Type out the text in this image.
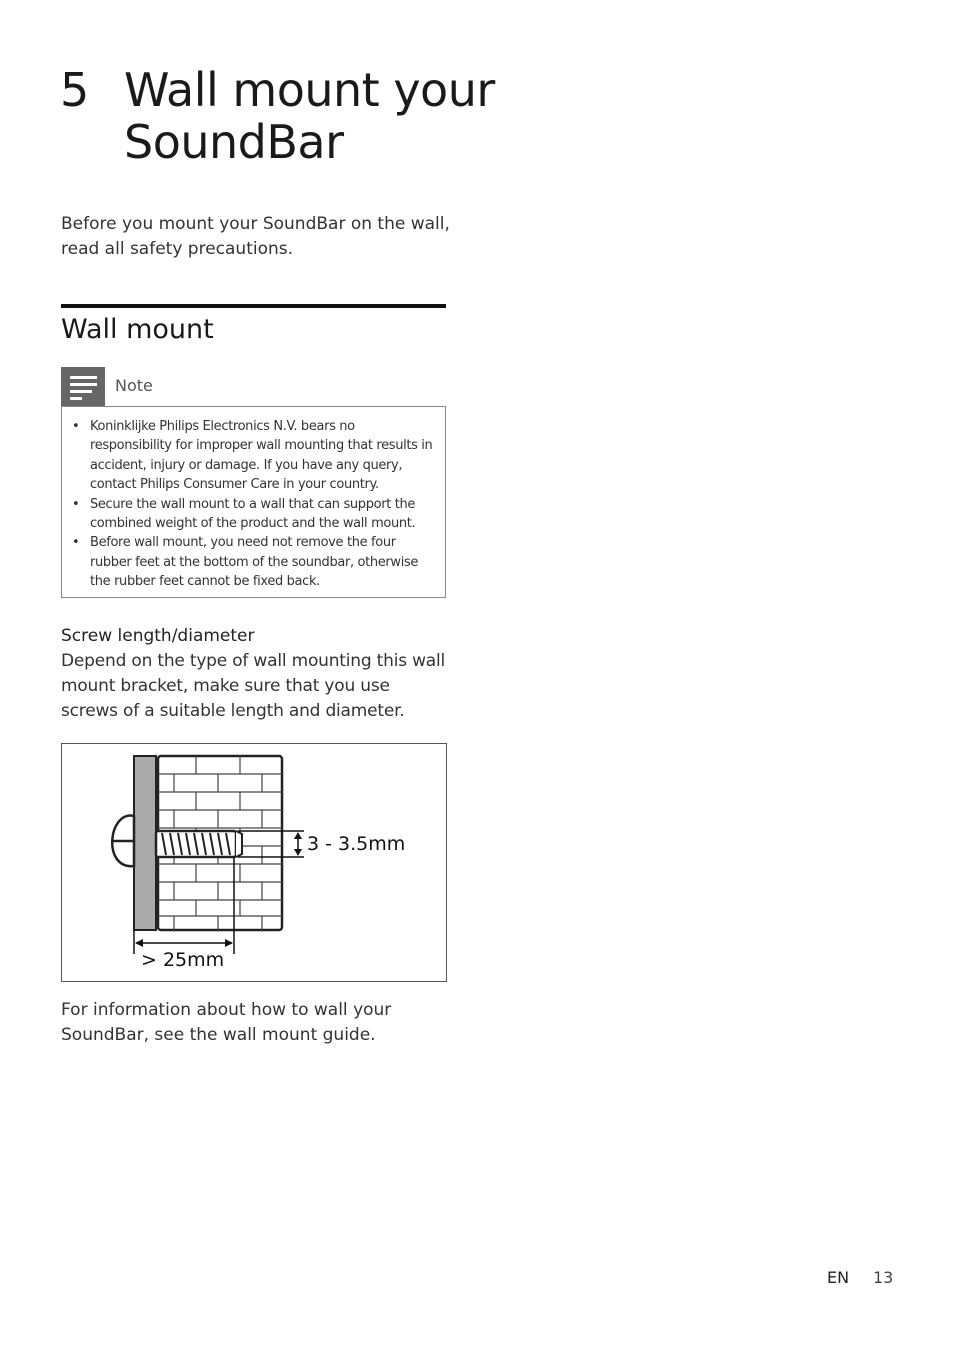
5 Wall mount your SoundBar
Before you mount your SoundBar on the wall, read all safety precautions.
Wall mount
Note
• Koninklijke Philips Electronics N.V. bears no responsibility for improper wall mounting that results in accident, injury or damage. If you have any query, contact Philips Consumer Care in your country.
• Secure the wall mount to a wall that can support the combined weight of the product and the wall mount.
• Before wall mount, you need not remove the four rubber feet at the bottom of the soundbar, otherwise the rubber feet cannot be fixed back.
Screw length/diameter
Depend on the type of wall mounting this wall mount bracket, make sure that you use screws of a suitable length and diameter.
3 - 3.5mm
> 25mm
For information about how to wall your SoundBar, see the wall mount guide.
EN 13
